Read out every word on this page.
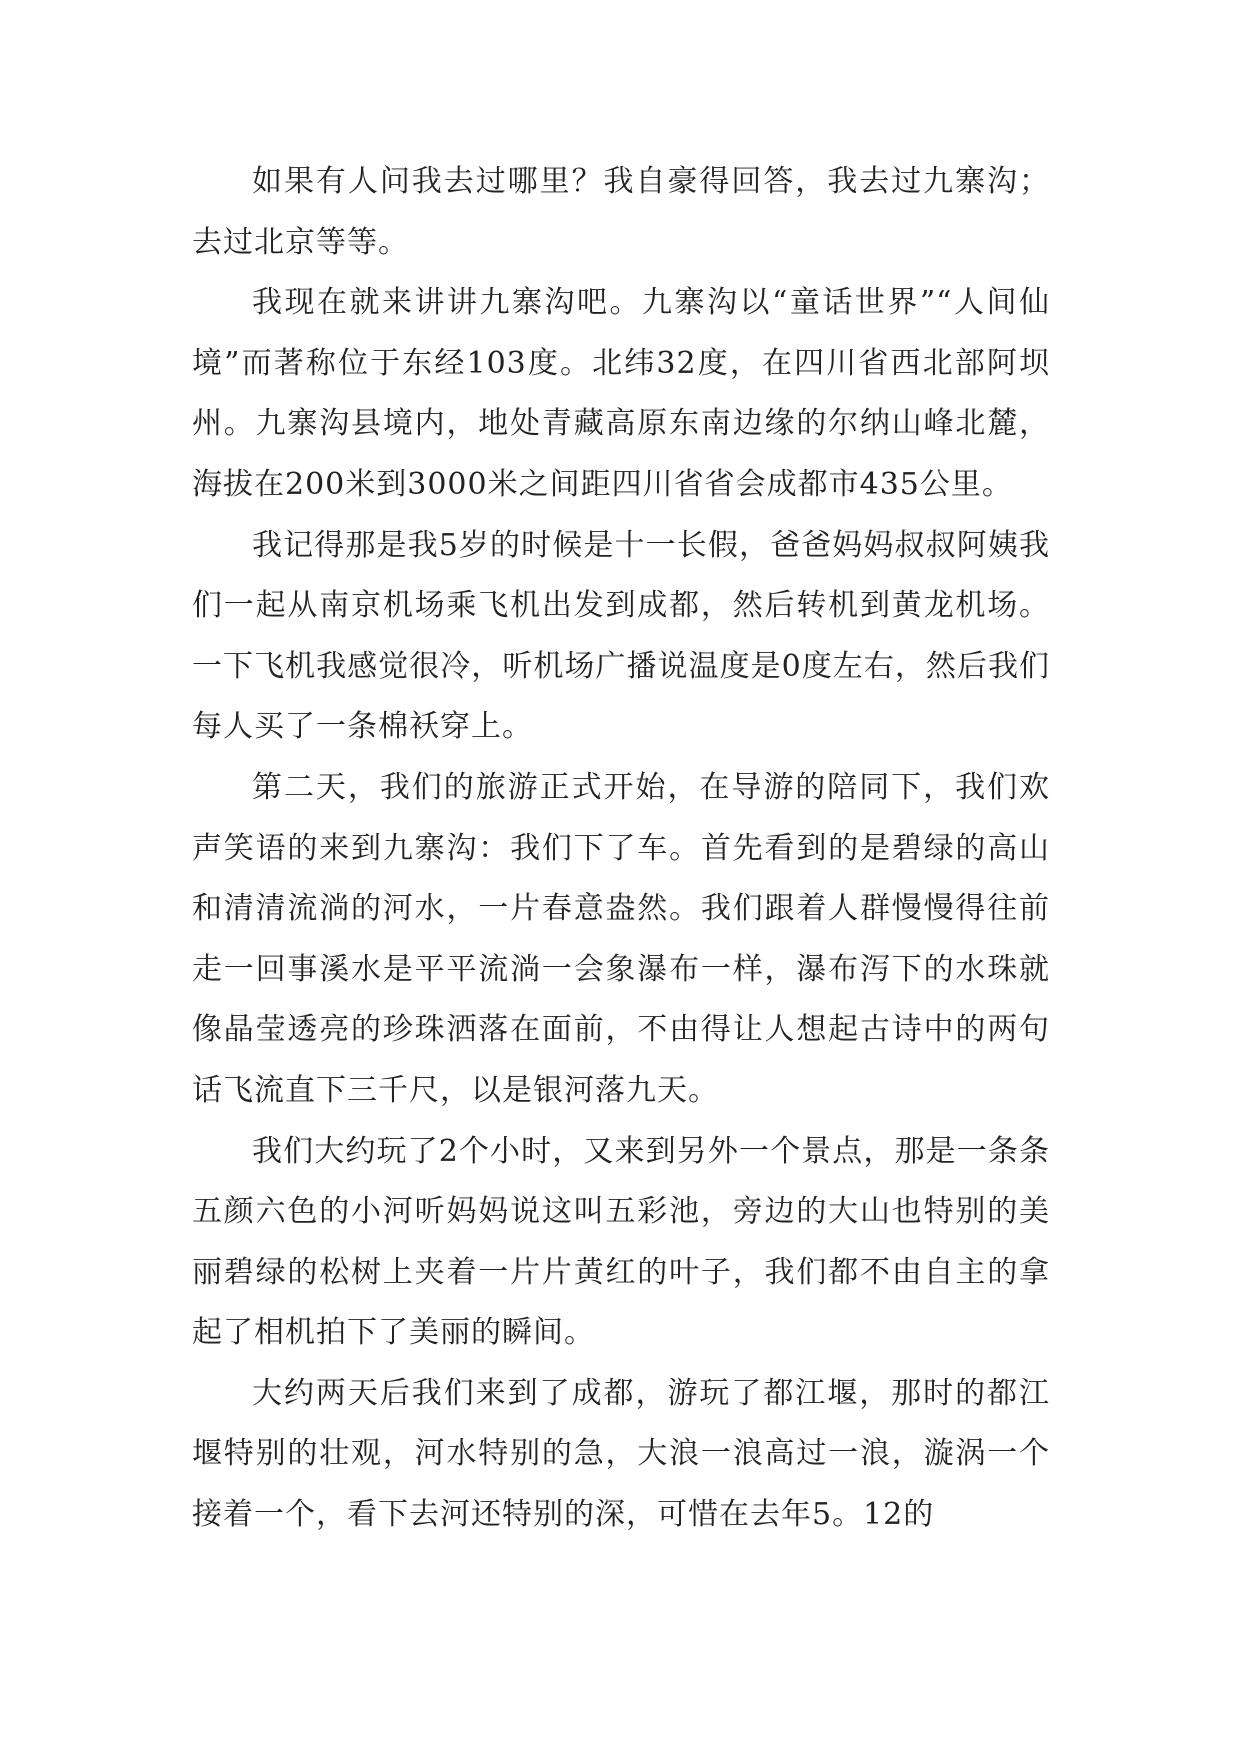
如果有人问我去过哪里？我自豪得回答，我去过九寨沟；去过北京等等。

我现在就来讲讲九寨沟吧。九寨沟以“童话世界”“人间仙境”而著称位于东经103度。北纬32度，在四川省西北部阿坝州。九寨沟县境内，地处青藏高原东南边缘的尔纳山峰北麓，海拔在200米到3000米之间距四川省省会成都市435公里。

我记得那是我5岁的时候是十一长假，爸爸妈妈叔叔阿姨我们一起从南京机场乘飞机出发到成都，然后转机到黄龙机场。一下飞机我感觉很冷，听机场广播说温度是0度左右，然后我们每人买了一条棉袄穿上。

第二天，我们的旅游正式开始，在导游的陪同下，我们欢声笑语的来到九寨沟：我们下了车。首先看到的是碧绿的高山和清清流淌的河水，一片春意盎然。我们跟着人群慢慢得往前走一回事溪水是平平流淌一会象瀑布一样，瀑布泻下的水珠就像晶莹透亮的珍珠洒落在面前，不由得让人想起古诗中的两句话飞流直下三千尺，以是银河落九天。

我们大约玩了2个小时，又来到另外一个景点，那是一条条五颜六色的小河听妈妈说这叫五彩池，旁边的大山也特别的美丽碧绿的松树上夹着一片片黄红的叶子，我们都不由自主的拿起了相机拍下了美丽的瞬间。

大约两天后我们来到了成都，游玩了都江堰，那时的都江堰特别的壮观，河水特别的急，大浪一浪高过一浪，漩涡一个接着一个，看下去河还特别的深，可惜在去年5。12的
